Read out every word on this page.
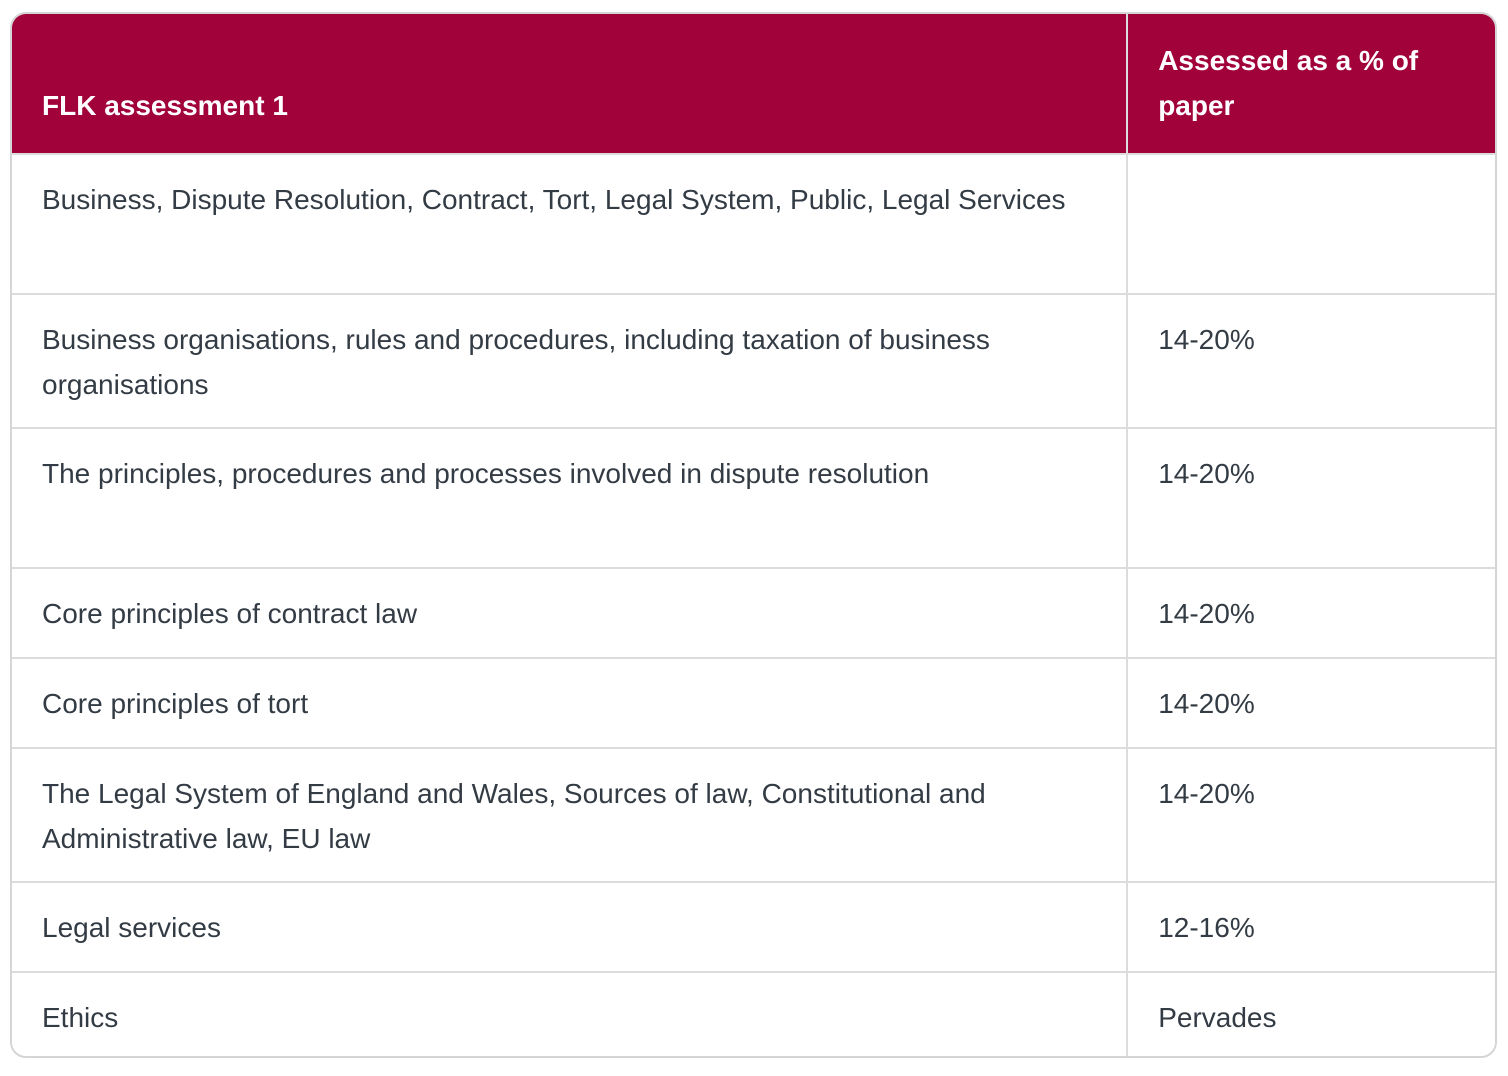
FLK assessment 1	Assessed as a % of paper
Business, Dispute Resolution, Contract, Tort, Legal System, Public, Legal Services	
Business organisations, rules and procedures, including taxation of business organisations	14-20%
The principles, procedures and processes involved in dispute resolution	14-20%
Core principles of contract law	14-20%
Core principles of tort	14-20%
The Legal System of England and Wales, Sources of law, Constitutional and Administrative law, EU law	14-20%
Legal services	12-16%
Ethics	Pervades
